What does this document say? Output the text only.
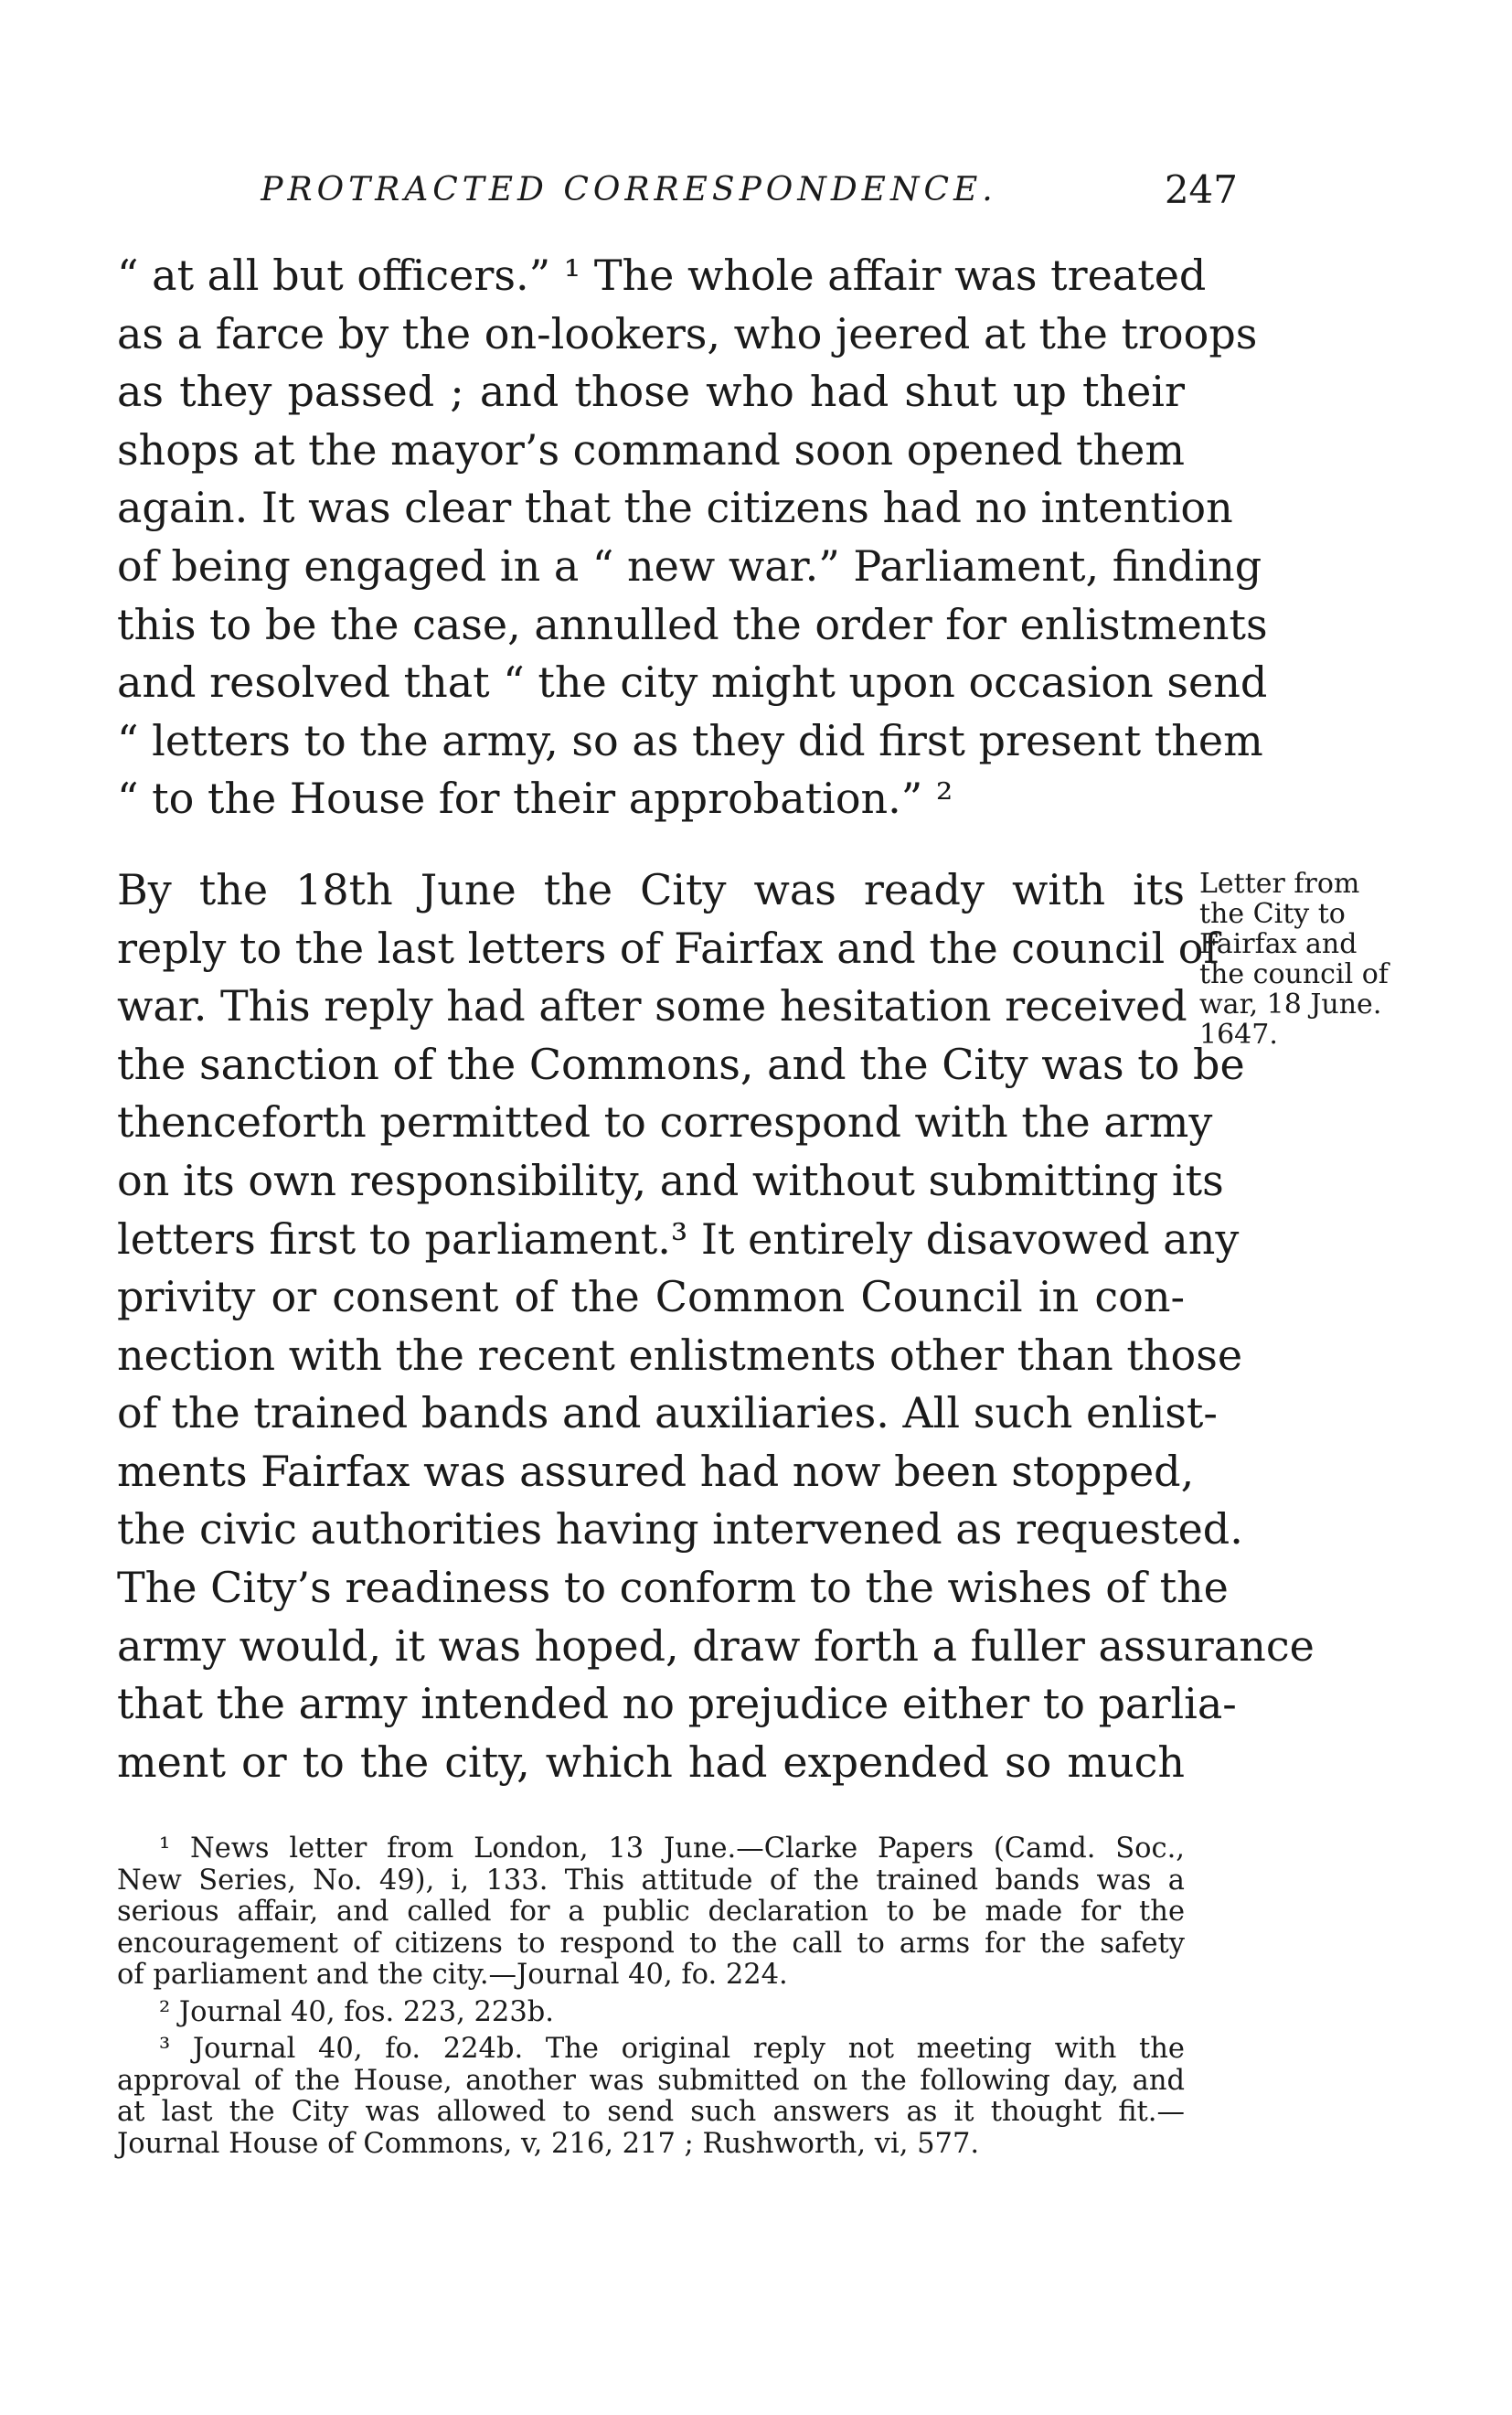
PROTRACTED CORRESPONDENCE.	247
“ at all but officers.” ¹ The whole affair was treated
as a farce by the on-lookers, who jeered at the troops
as they passed ; and those who had shut up their
shops at the mayor’s command soon opened them
again. It was clear that the citizens had no intention
of being engaged in a “ new war.” Parliament, finding
this to be the case, annulled the order for enlistments
and resolved that “ the city might upon occasion send
“ letters to the army, so as they did first present them
“ to the House for their approbation.” ²
By the 18th June the City was ready with its
reply to the last letters of Fairfax and the council of
war. This reply had after some hesitation received
the sanction of the Commons, and the City was to be
thenceforth permitted to correspond with the army
on its own responsibility, and without submitting its
letters first to parliament.³ It entirely disavowed any
privity or consent of the Common Council in con-
nection with the recent enlistments other than those
of the trained bands and auxiliaries. All such enlist-
ments Fairfax was assured had now been stopped,
the civic authorities having intervened as requested.
The City’s readiness to conform to the wishes of the
army would, it was hoped, draw forth a fuller assurance
that the army intended no prejudice either to parlia-
ment or to the city, which had expended so much
Letter from
the City to
Fairfax and
the council of
war, 18 June.
1647.
¹ News letter from London, 13 June.—Clarke Papers (Camd. Soc.,
New Series, No. 49), i, 133. This attitude of the trained bands was a
serious affair, and called for a public declaration to be made for the
encouragement of citizens to respond to the call to arms for the safety
of parliament and the city.—Journal 40, fo. 224.
² Journal 40, fos. 223, 223b.
³ Journal 40, fo. 224b. The original reply not meeting with the
approval of the House, another was submitted on the following day, and
at last the City was allowed to send such answers as it thought fit.—
Journal House of Commons, v, 216, 217 ; Rushworth, vi, 577.
